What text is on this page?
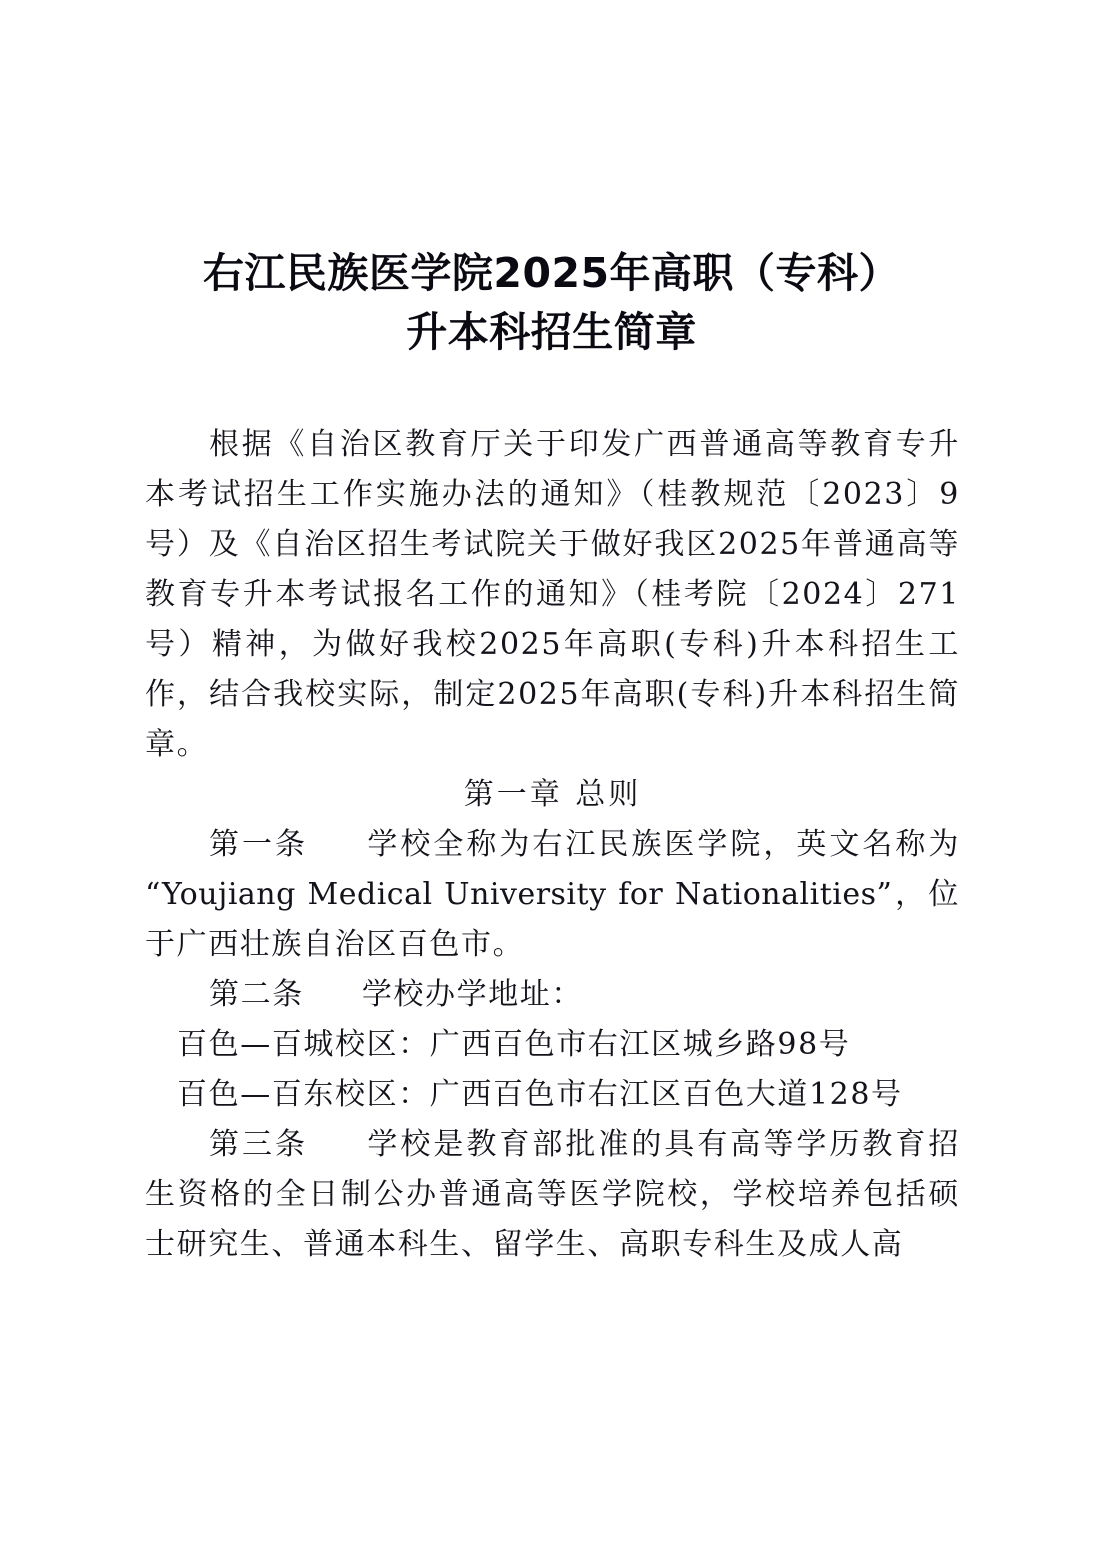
右江民族医学院2025年高职（专科）
升本科招生简章

根据《自治区教育厅关于印发广西普通高等教育专升本考试招生工作实施办法的通知》（桂教规范〔2023〕9号）及《自治区招生考试院关于做好我区2025年普通高等教育专升本考试报名工作的通知》（桂考院〔2024〕271号）精神，为做好我校2025年高职(专科)升本科招生工作，结合我校实际，制定2025年高职(专科)升本科招生简章。

第一章 总则

第一条 学校全称为右江民族医学院，英文名称为 “Youjiang Medical University for Nationalities”，位于广西壮族自治区百色市。

第二条 学校办学地址：

百色—百城校区：广西百色市右江区城乡路98号

百色—百东校区：广西百色市右江区百色大道128号

第三条 学校是教育部批准的具有高等学历教育招生资格的全日制公办普通高等医学院校，学校培养包括硕士研究生、普通本科生、留学生、高职专科生及成人高
